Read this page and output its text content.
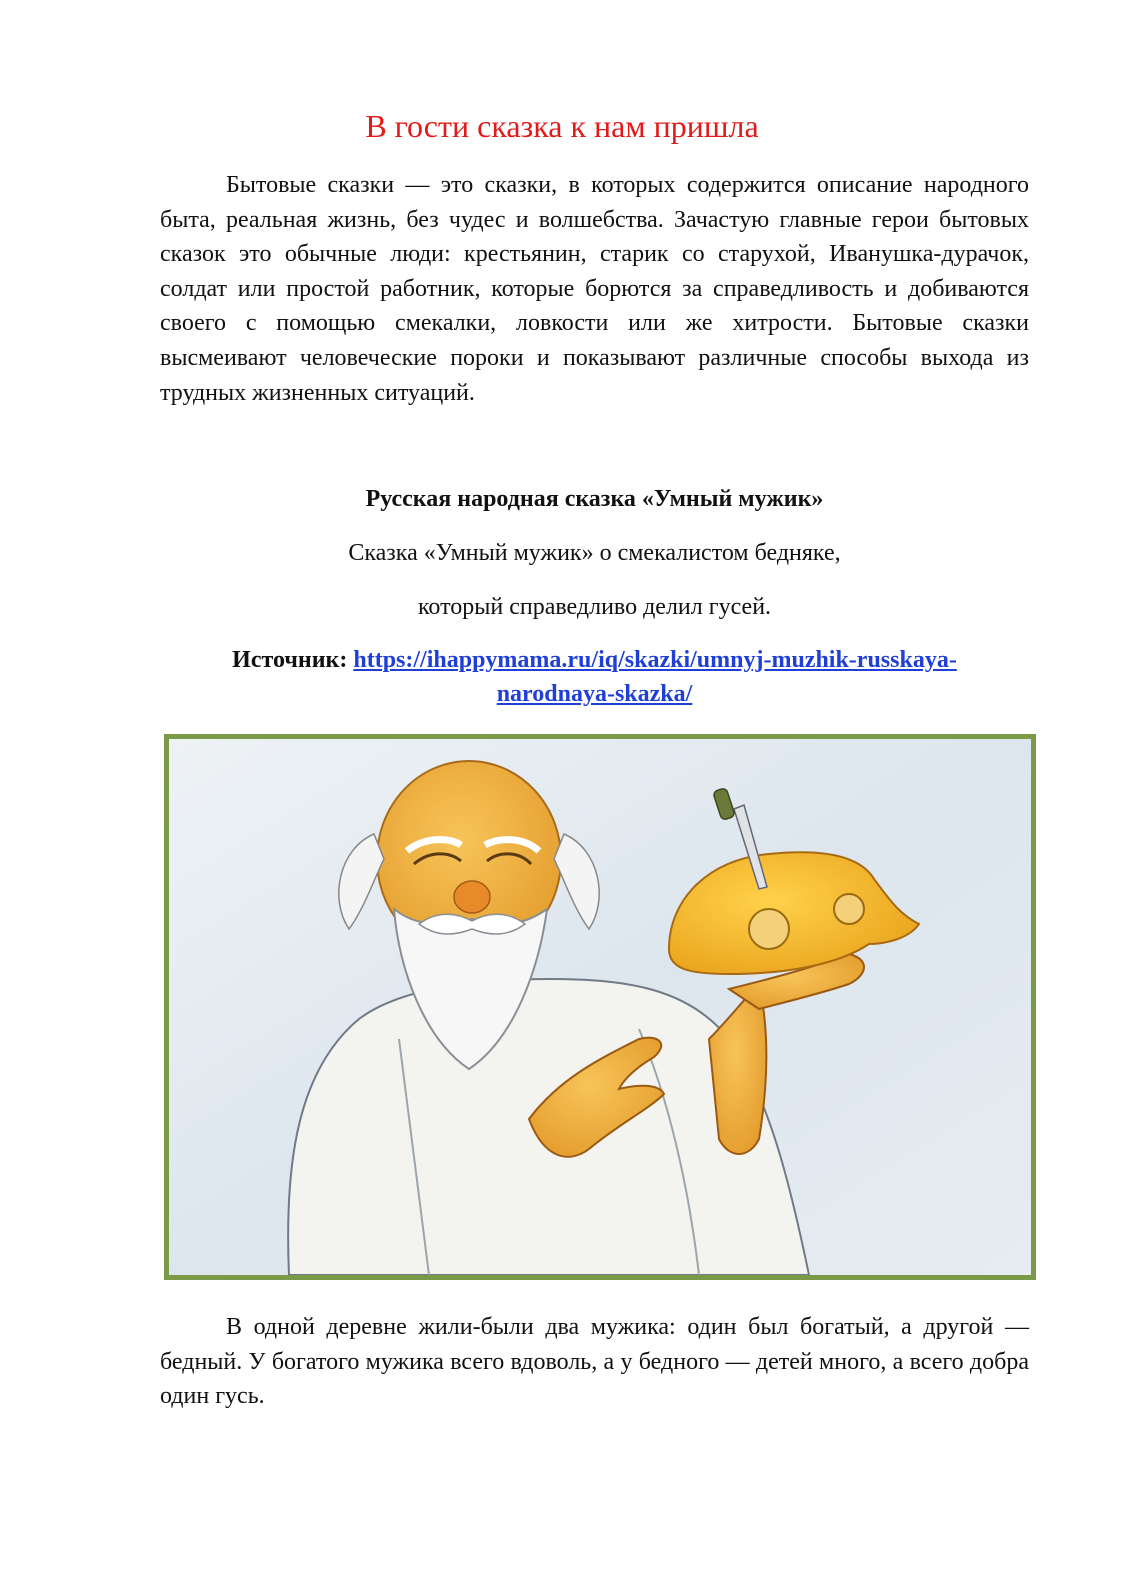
В гости сказка к нам пришла

Бытовые сказки — это сказки, в которых содержится описание народного быта, реальная жизнь, без чудес и волшебства. Зачастую главные герои бытовых сказок это обычные люди: крестьянин, старик со старухой, Иванушка-дурачок, солдат или простой работник, которые борются за справедливость и добиваются своего с помощью смекалки, ловкости или же хитрости. Бытовые сказки высмеивают человеческие пороки и показывают различные способы выхода из трудных жизненных ситуаций.

Русская народная сказка «Умный мужик»
Сказка «Умный мужик» о смекалистом бедняке,
который справедливо делил гусей.
Источник: https://ihappymama.ru/iq/skazki/umnyj-muzhik-russkaya-
narodnaya-skazka/

В одной деревне жили-были два мужика: один был богатый, а другой — бедный. У богатого мужика всего вдоволь, а у бедного — детей много, а всего добра один гусь.
